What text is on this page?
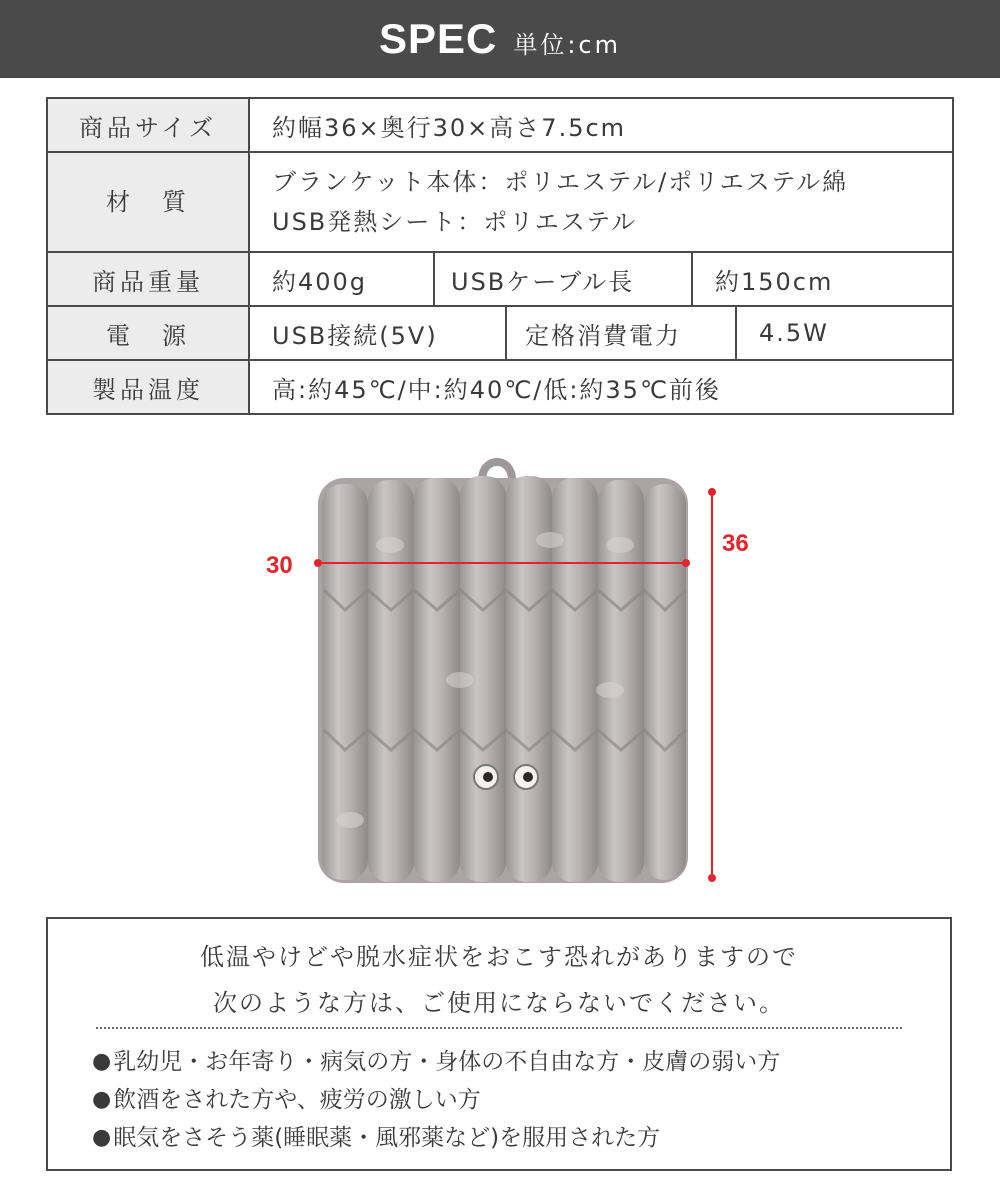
SPEC 単位:cm
商品サイズ	約幅36×奥行30×高さ7.5cm				
材　質	ブランケット本体：ポリエステル/ポリエステル綿
USB発熱シート：ポリエステル				

商品重量	約400g	USBケーブル長		約150cm	
電　源	USB接続(5V)		定格消費電力		4.5W
製品温度	高:約45℃/中:約40℃/低:約35℃前後				
30
36
低温やけどや脱水症状をおこす恐れがありますので
次のような方は、ご使用にならないでください。
● 乳幼児・お年寄り・病気の方・身体の不自由な方・皮膚の弱い方
● 飲酒をされた方や、疲労の激しい方
● 眠気をさそう薬(睡眠薬・風邪薬など)を服用された方
